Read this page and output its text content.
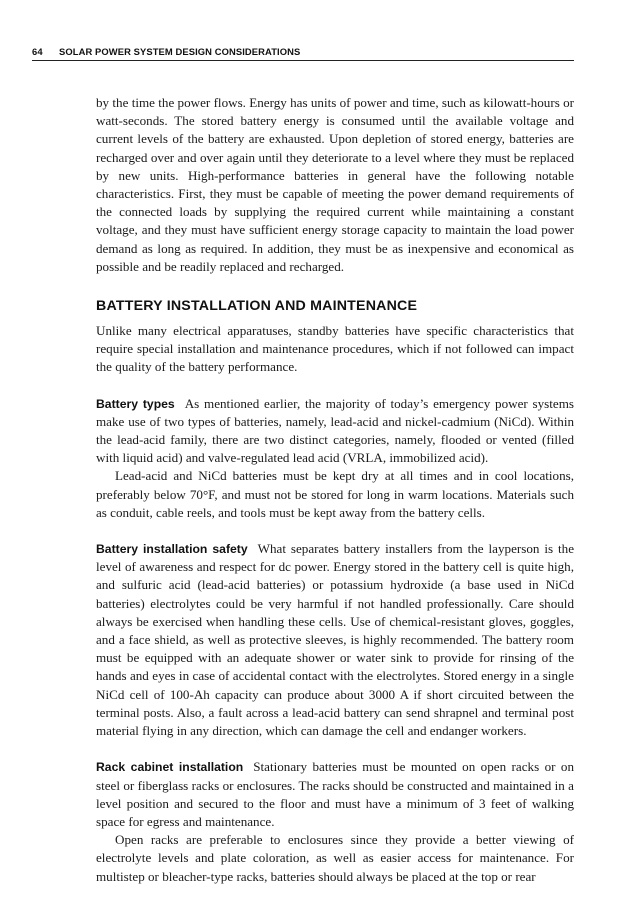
64 SOLAR POWER SYSTEM DESIGN CONSIDERATIONS

by the time the power flows. Energy has units of power and time, such as kilowatt-hours or watt-seconds. The stored battery energy is consumed until the available voltage and current levels of the battery are exhausted. Upon depletion of stored energy, batteries are recharged over and over again until they deteriorate to a level where they must be replaced by new units. High-performance batteries in general have the following notable characteristics. First, they must be capable of meeting the power demand requirements of the connected loads by supplying the required current while maintaining a constant voltage, and they must have sufficient energy storage capacity to maintain the load power demand as long as required. In addition, they must be as inexpensive and economical as possible and be readily replaced and recharged.

BATTERY INSTALLATION AND MAINTENANCE

Unlike many electrical apparatuses, standby batteries have specific characteristics that require special installation and maintenance procedures, which if not followed can impact the quality of the battery performance.

Battery types As mentioned earlier, the majority of today’s emergency power systems make use of two types of batteries, namely, lead-acid and nickel-cadmium (NiCd). Within the lead-acid family, there are two distinct categories, namely, flooded or vented (filled with liquid acid) and valve-regulated lead acid (VRLA, immobilized acid).

Lead-acid and NiCd batteries must be kept dry at all times and in cool locations, preferably below 70°F, and must not be stored for long in warm locations. Materials such as conduit, cable reels, and tools must be kept away from the battery cells.

Battery installation safety What separates battery installers from the layperson is the level of awareness and respect for dc power. Energy stored in the battery cell is quite high, and sulfuric acid (lead-acid batteries) or potassium hydroxide (a base used in NiCd batteries) electrolytes could be very harmful if not handled professionally. Care should always be exercised when handling these cells. Use of chemical-resistant gloves, goggles, and a face shield, as well as protective sleeves, is highly recommended. The battery room must be equipped with an adequate shower or water sink to provide for rinsing of the hands and eyes in case of accidental contact with the electrolytes. Stored energy in a single NiCd cell of 100-Ah capacity can produce about 3000 A if short circuited between the terminal posts. Also, a fault across a lead-acid battery can send shrapnel and terminal post material flying in any direction, which can damage the cell and endanger workers.

Rack cabinet installation Stationary batteries must be mounted on open racks or on steel or fiberglass racks or enclosures. The racks should be constructed and maintained in a level position and secured to the floor and must have a minimum of 3 feet of walking space for egress and maintenance.

Open racks are preferable to enclosures since they provide a better viewing of electrolyte levels and plate coloration, as well as easier access for maintenance. For multistep or bleacher-type racks, batteries should always be placed at the top or rear
